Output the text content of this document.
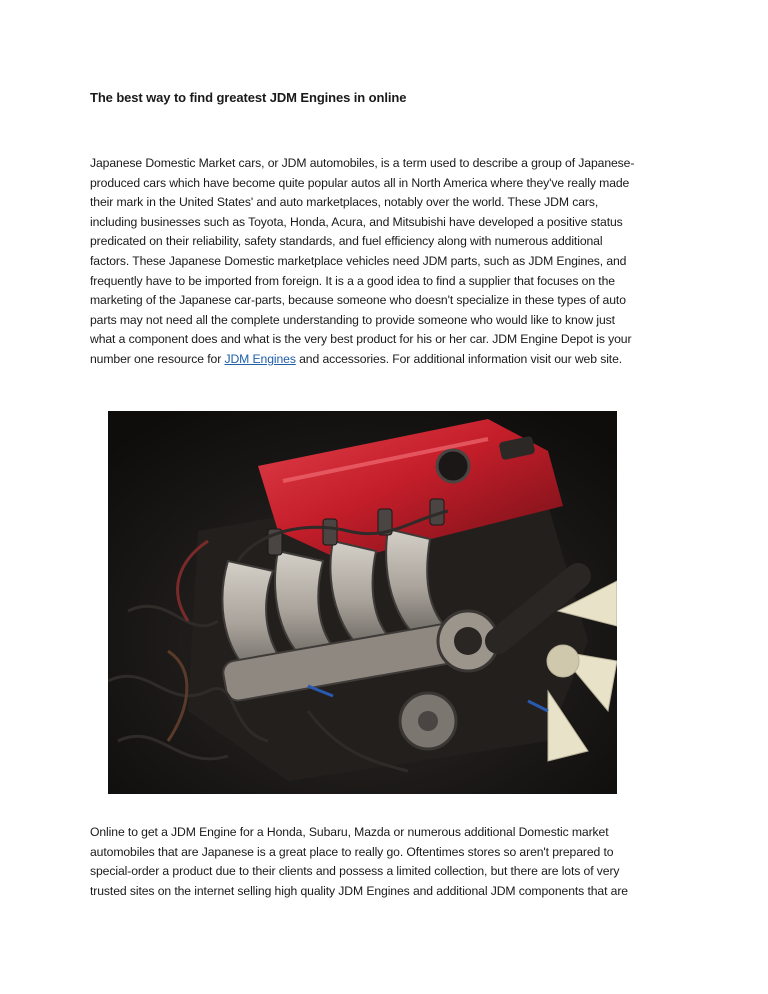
The best way to find greatest JDM Engines in online
Japanese Domestic Market cars, or JDM automobiles, is a term used to describe a group of Japanese-
produced cars which have become quite popular autos all in North America where they've really made
their mark in the United States' and auto marketplaces, notably over the world. These JDM cars,
including businesses such as Toyota, Honda, Acura, and Mitsubishi have developed a positive status
predicated on their reliability, safety standards, and fuel efficiency along with numerous additional
factors. These Japanese Domestic marketplace vehicles need JDM parts, such as JDM Engines, and
frequently have to be imported from foreign. It is a a good idea to find a supplier that focuses on the
marketing of the Japanese car-parts, because someone who doesn't specialize in these types of auto
parts may not need all the complete understanding to provide someone who would like to know just
what a component does and what is the very best product for his or her car. JDM Engine Depot is your
number one resource for JDM Engines and accessories. For additional information visit our web site.
Online to get a JDM Engine for a Honda, Subaru, Mazda or numerous additional Domestic market
automobiles that are Japanese is a great place to really go. Oftentimes stores so aren't prepared to
special-order a product due to their clients and possess a limited collection, but there are lots of very
trusted sites on the internet selling high quality JDM Engines and additional JDM components that are
